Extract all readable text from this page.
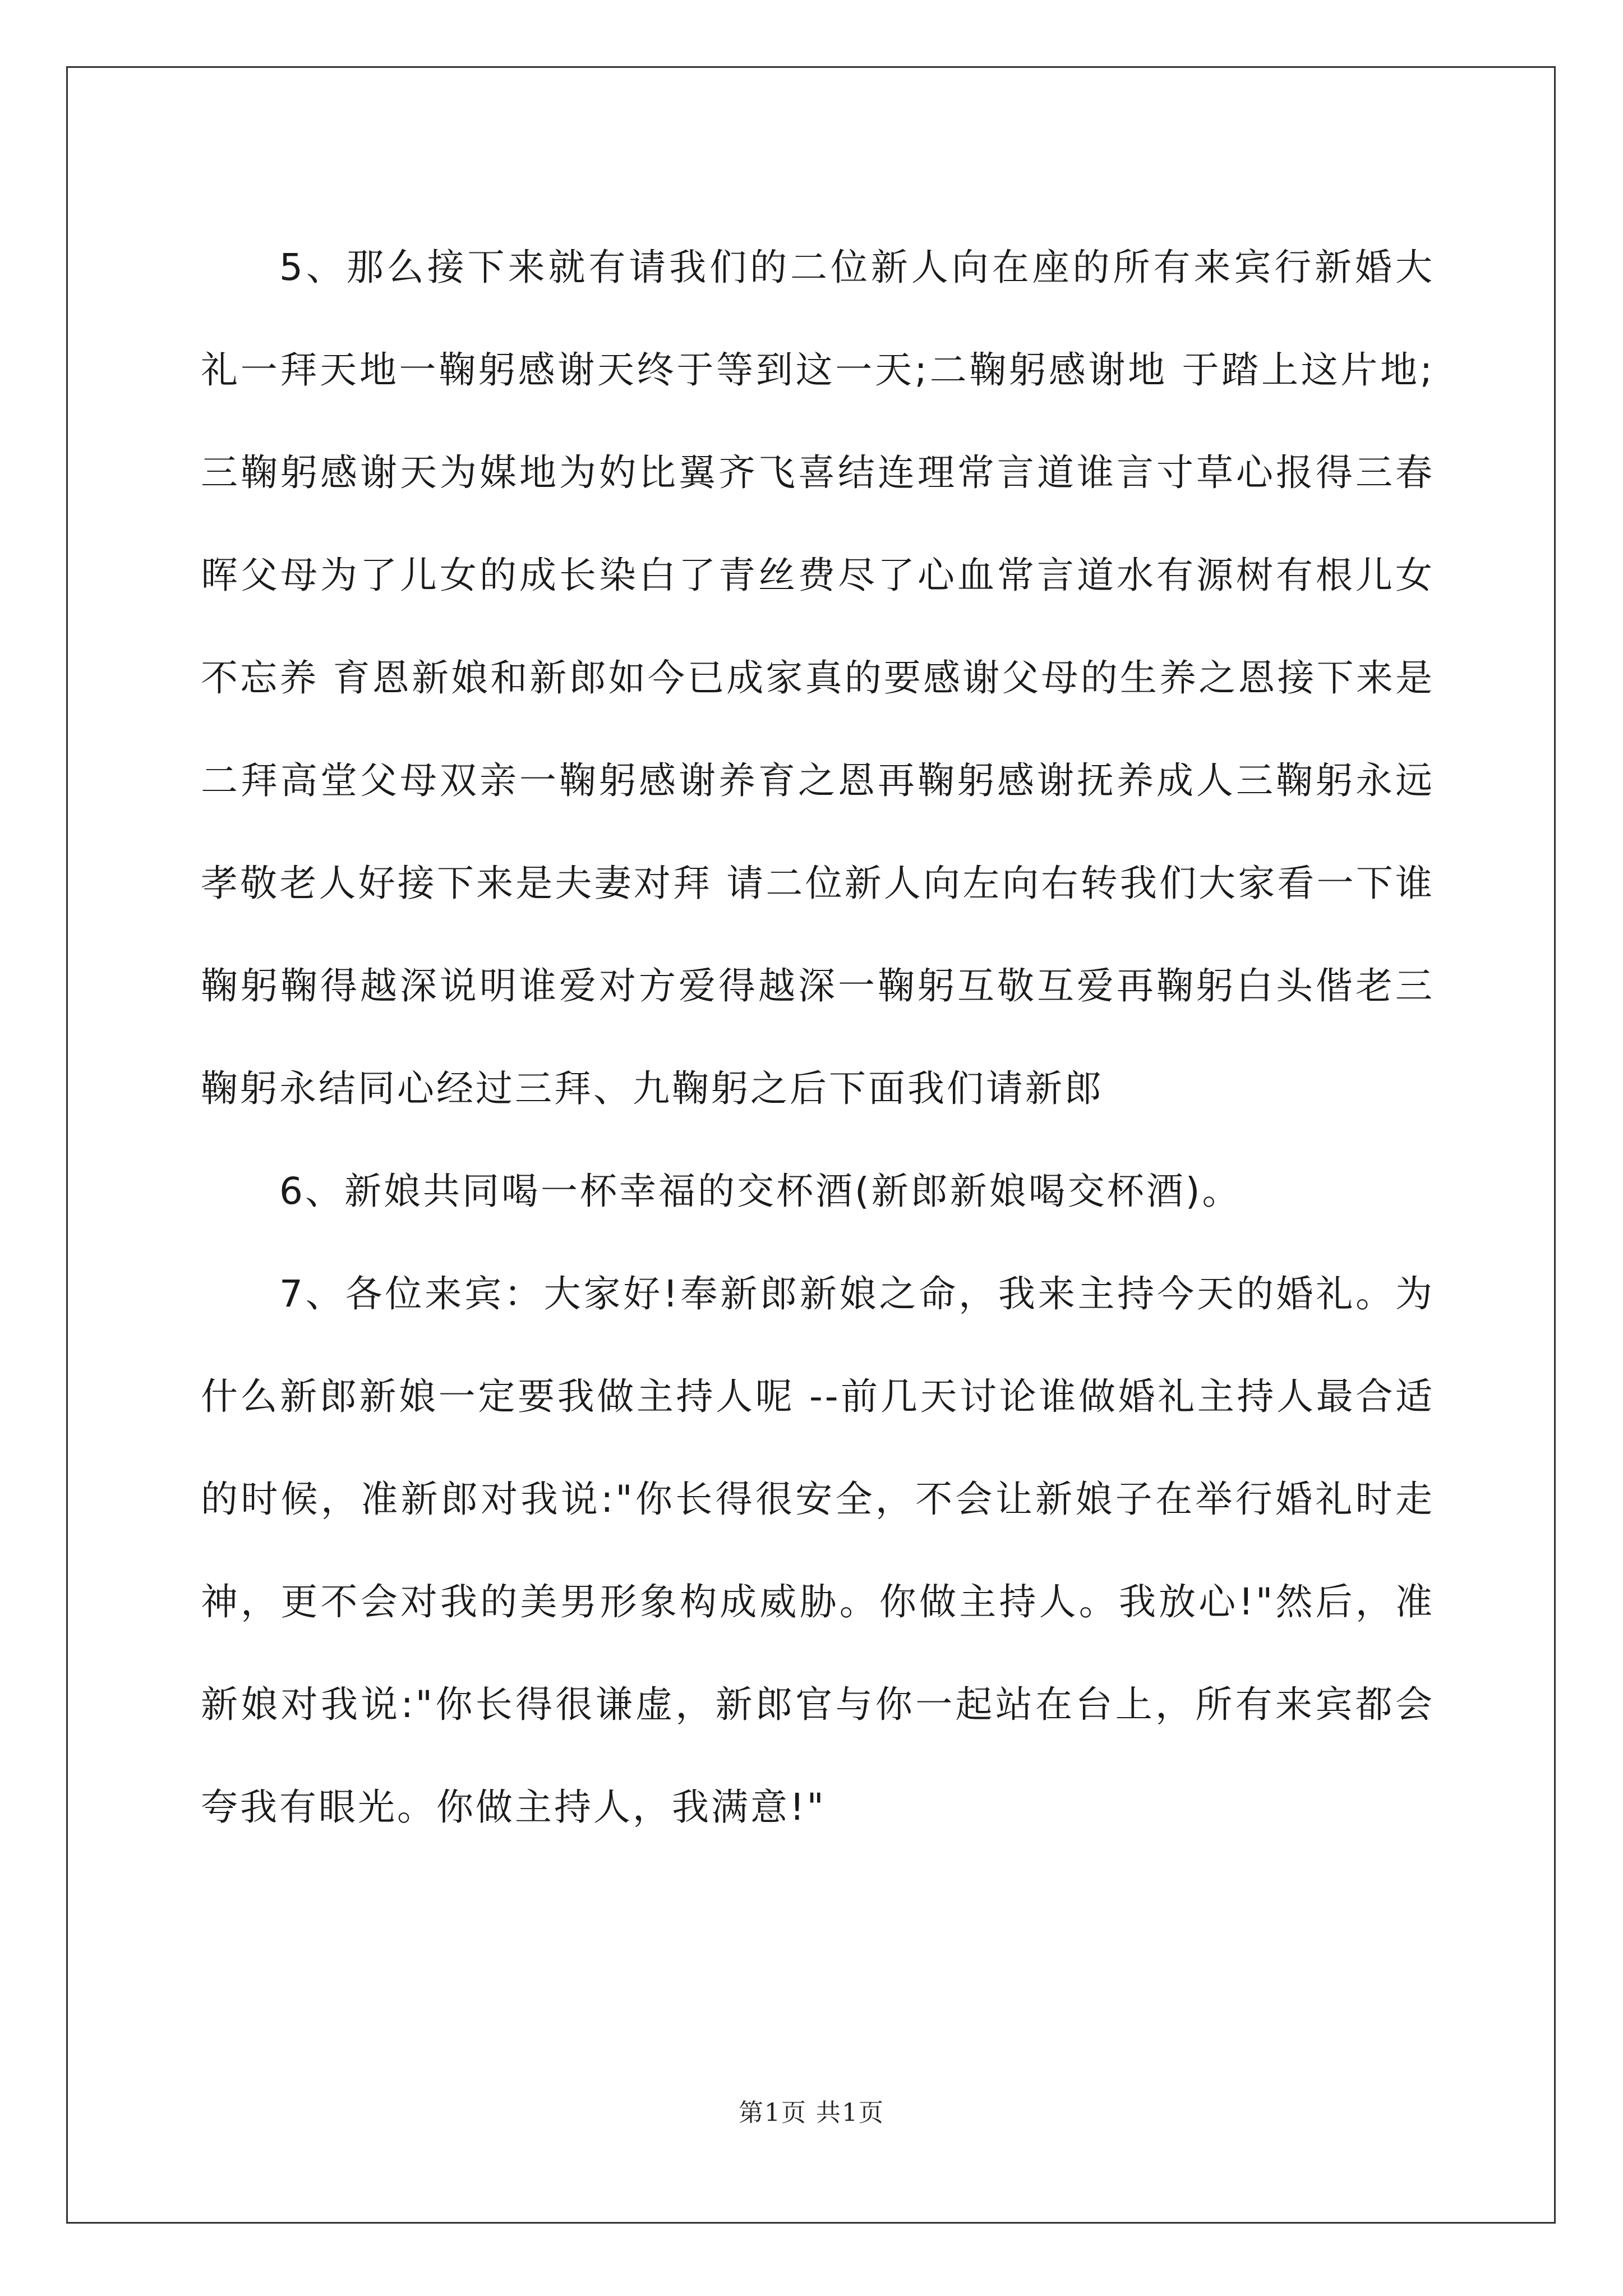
5、那么接下来就有请我们的二位新人向在座的所有来宾行新婚大礼一拜天地一鞠躬感谢天终于等到这一天;二鞠躬感谢地 于踏上这片地;三鞠躬感谢天为媒地为妁比翼齐飞喜结连理常言道谁言寸草心报得三春晖父母为了儿女的成长染白了青丝费尽了心血常言道水有源树有根儿女不忘养 育恩新娘和新郎如今已成家真的要感谢父母的生养之恩接下来是二拜高堂父母双亲一鞠躬感谢养育之恩再鞠躬感谢抚养成人三鞠躬永远孝敬老人好接下来是夫妻对拜 请二位新人向左向右转我们大家看一下谁鞠躬鞠得越深说明谁爱对方爱得越深一鞠躬互敬互爱再鞠躬白头偕老三鞠躬永结同心经过三拜、九鞠躬之后下面我们请新郎

6、新娘共同喝一杯幸福的交杯酒(新郎新娘喝交杯酒)。

7、各位来宾：大家好!奉新郎新娘之命，我来主持今天的婚礼。为什么新郎新娘一定要我做主持人呢 --前几天讨论谁做婚礼主持人最合适的时候，准新郎对我说:"你长得很安全，不会让新娘子在举行婚礼时走神，更不会对我的美男形象构成威胁。你做主持人。我放心!"然后，准新娘对我说:"你长得很谦虚，新郎官与你一起站在台上，所有来宾都会夸我有眼光。你做主持人，我满意!"

第1页 共1页
